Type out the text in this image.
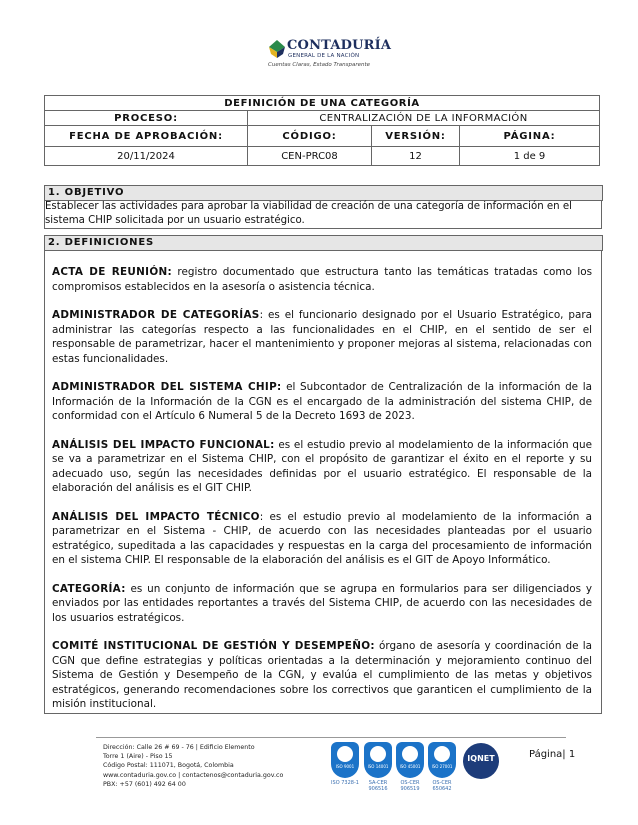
CONTADURÍA
GENERAL DE LA NACIÓN
Cuentas Claras, Estado Transparente
DEFINICIÓN DE UNA CATEGORÍA			
PROCESO:	CENTRALIZACIÓN DE LA INFORMACIÓN		
FECHA DE APROBACIÓN:	CÓDIGO:	VERSIÓN:	PÁGINA:
20/11/2024	CEN-PRC08	12	1 de 9
1. OBJETIVO
Establecer las actividades para aprobar la viabilidad de creación de una categoría de información en el sistema CHIP solicitada por un usuario estratégico.
2. DEFINICIONES

ACTA DE REUNIÓN: registro documentado que estructura tanto las temáticas tratadas como los compromisos establecidos en la asesoría o asistencia técnica.

ADMINISTRADOR DE CATEGORÍAS: es el funcionario designado por el Usuario Estratégico, para administrar las categorías respecto a las funcionalidades en el CHIP, en el sentido de ser el responsable de parametrizar, hacer el mantenimiento y proponer mejoras al sistema, relacionadas con estas funcionalidades.

ADMINISTRADOR DEL SISTEMA CHIP: el Subcontador de Centralización de la información de la Información de la Información de la CGN es el encargado de la administración del sistema CHIP, de conformidad con el Artículo 6 Numeral 5 de la Decreto 1693 de 2023.

ANÁLISIS DEL IMPACTO FUNCIONAL: es el estudio previo al modelamiento de la información que se va a parametrizar en el Sistema CHIP, con el propósito de garantizar el éxito en el reporte y su adecuado uso, según las necesidades definidas por el usuario estratégico. El responsable de la elaboración del análisis es el GIT CHIP.

ANÁLISIS DEL IMPACTO TÉCNICO: es el estudio previo al modelamiento de la información a parametrizar en el Sistema - CHIP, de acuerdo con las necesidades planteadas por el usuario estratégico, supeditada a las capacidades y respuestas en la carga del procesamiento de información en el sistema CHIP. El responsable de la elaboración del análisis es el GIT de Apoyo Informático.

CATEGORÍA: es un conjunto de información que se agrupa en formularios para ser diligenciados y enviados por las entidades reportantes a través del Sistema CHIP, de acuerdo con las necesidades de los usuarios estratégicos.

COMITÉ INSTITUCIONAL DE GESTIÓN Y DESEMPEÑO: órgano de asesoría y coordinación de la CGN que define estrategias y políticas orientadas a la determinación y mejoramiento continuo del Sistema de Gestión y Desempeño de la CGN, y evalúa el cumplimiento de las metas y objetivos estratégicos, generando recomendaciones sobre los correctivos que garanticen el cumplimiento de la misión institucional.

Dirección: Calle 26 # 69 - 76 | Edificio Elemento
Torre 1 (Aire) - Piso 15
Código Postal: 111071, Bogotá, Colombia
www.contaduria.gov.co | contactenos@contaduria.gov.co
PBX: +57 (601) 492 64 00
ISO 9001	ISO 14001	ISO 45001	ISO 27001
ISO 7328-1	SA-CER 906516
OS-CER 906519
OS-CER 650642
IQNET	Página| 1
